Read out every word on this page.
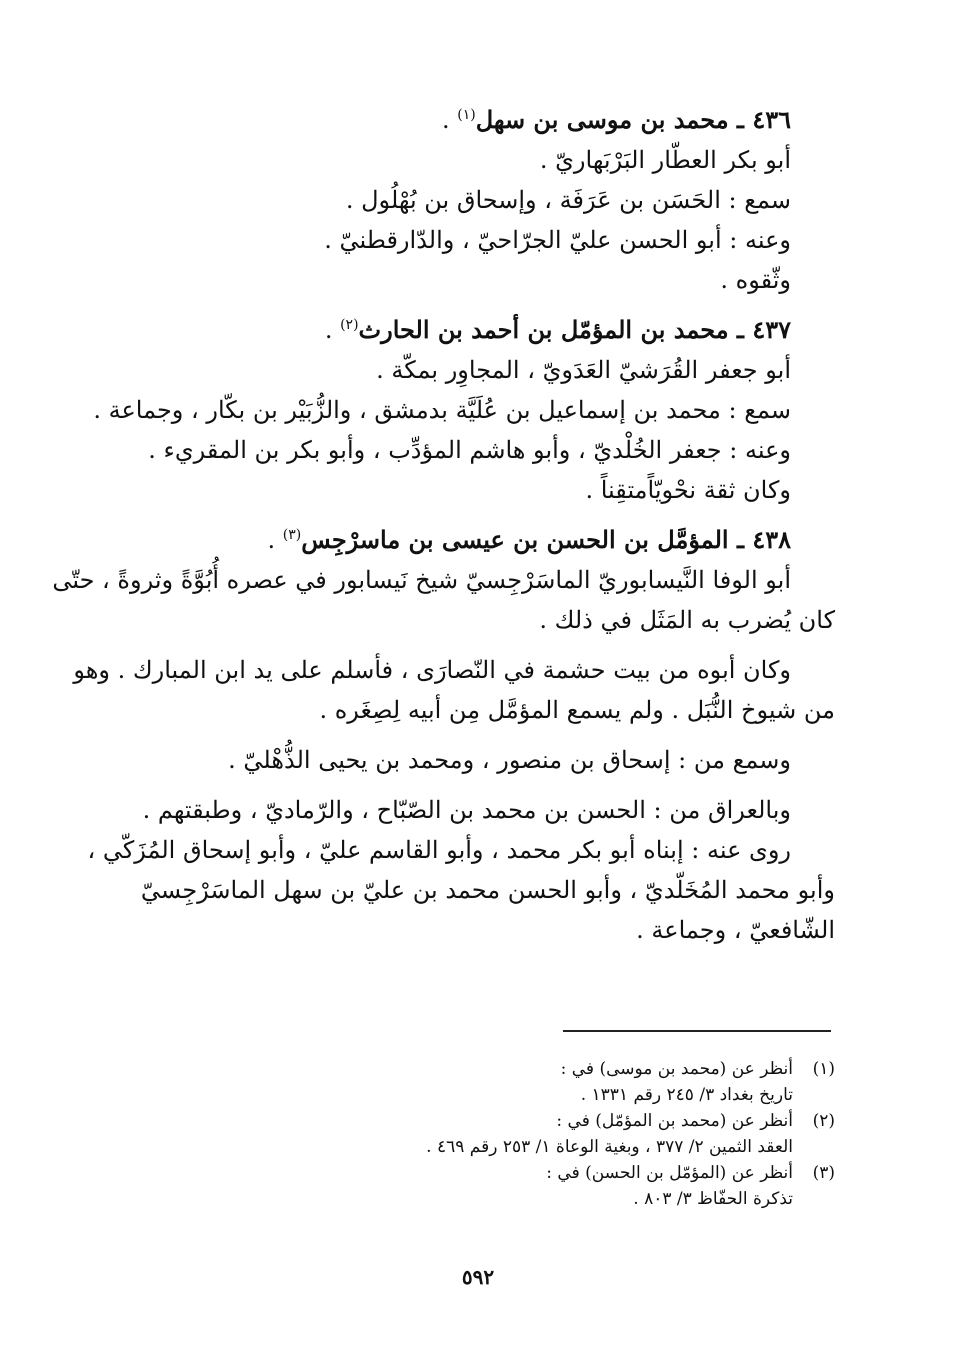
٤٣٦ ـ محمد بن موسى بن سهل$^{(١)}$ .
أبو بكر العطّار البَرْبَهاريّ .
سمع : الحَسَن بن عَرَفَة ، وإسحاق بن بُهْلُول .
وعنه : أبو الحسن عليّ الجرّاحيّ ، والدّارقطنيّ .
وثّقوه .
٤٣٧ ـ محمد بن المؤمّل بن أحمد بن الحارث$^{(٢)}$ .
أبو جعفر القُرَشيّ العَدَويّ ، المجاوِر بمكّة .
سمع : محمد بن إسماعيل بن عُلَيَّة بدمشق ، والزُّبَيْر بن بكّار ، وجماعة .
وعنه : جعفر الخُلْديّ ، وأبو هاشم المؤدِّب ، وأبو بكر بن المقريء .
وكان ثقة نحْويّاًمتقِناً .
٤٣٨ ـ المؤمَّل بن الحسن بن عيسى بن ماسرْجِس$^{(٣)}$ .
أبو الوفا النَّيسابوريّ الماسَرْجِسيّ شيخ نَيسابور في عصره أُبُوَّةً وثروةً ، حتّى
كان يُضرب به المَثَل في ذلك .
وكان أبوه من بيت حشمة في النّصارَى ، فأسلم على يد ابن المبارك . وهو
من شيوخ النُّبَل . ولم يسمع المؤمَّل مِن أبيه لِصِغَره .
وسمع من : إسحاق بن منصور ، ومحمد بن يحيى الذُّهْليّ .
وبالعراق من : الحسن بن محمد بن الصّبّاح ، والرّماديّ ، وطبقتهم .
روى عنه : إبناه أبو بكر محمد ، وأبو القاسم عليّ ، وأبو إسحاق المُزَكّي ،
وأبو محمد المُخَلّديّ ، وأبو الحسن محمد بن عليّ بن سهل الماسَرْجِسيّ
الشّافعيّ ، وجماعة .
(١)
أنظر عن (محمد بن موسى) في :
تاريخ بغداد ٣/ ٢٤٥ رقم ١٣٣١ .
(٢)
أنظر عن (محمد بن المؤمّل) في :
العقد الثمين ٢/ ٣٧٧ ، وبغية الوعاة ١/ ٢٥٣ رقم ٤٦٩ .
(٣)
أنظر عن (المؤمّل بن الحسن) في :
تذكرة الحفّاظ ٣/ ٨٠٣ .
٥٩٢
